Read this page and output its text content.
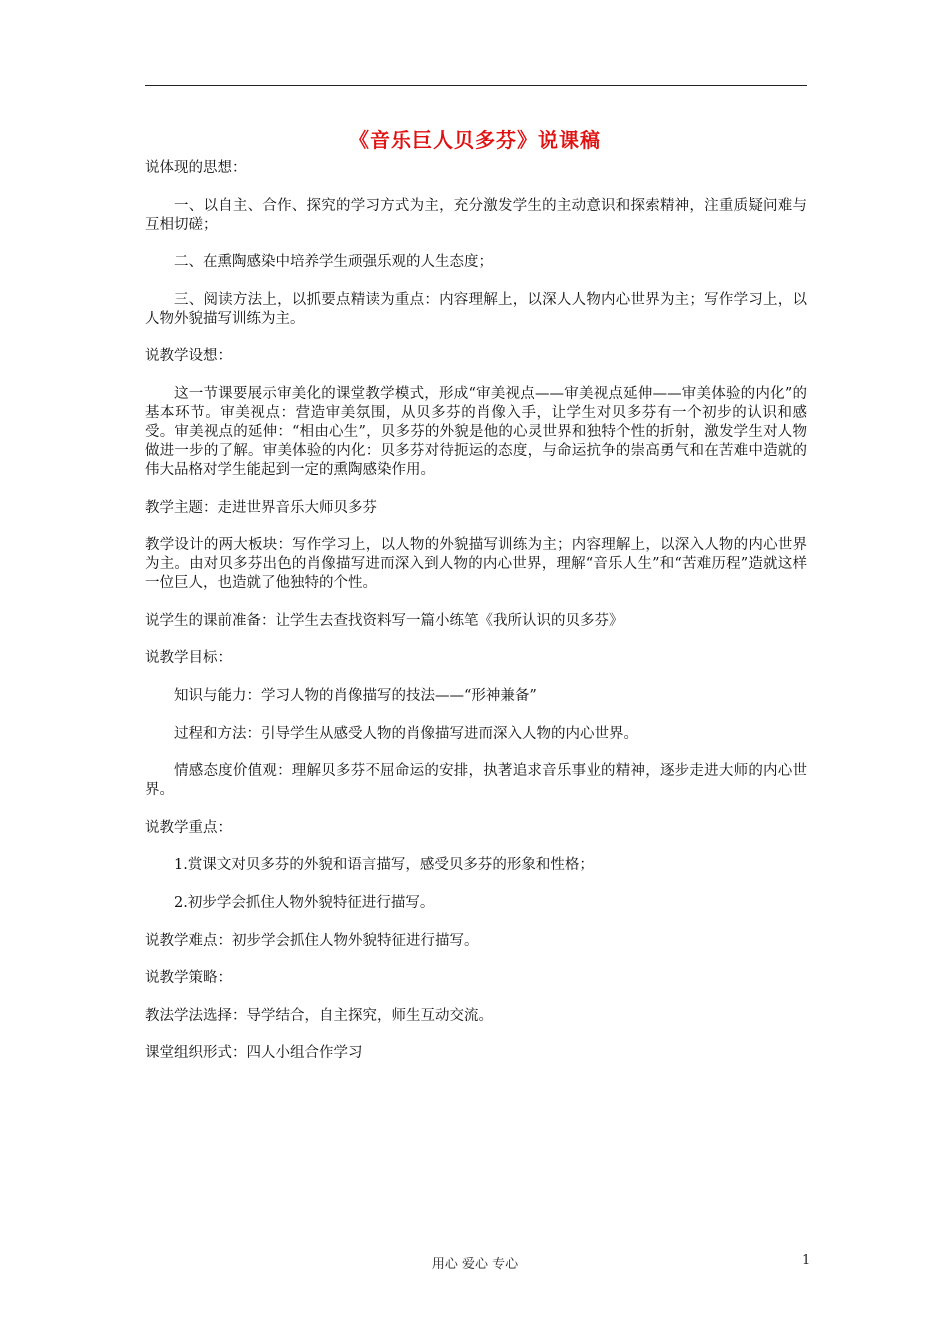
《音乐巨人贝多芬》说课稿

说体现的思想：

一、以自主、合作、探究的学习方式为主，充分激发学生的主动意识和探索精神，注重质疑问难与互相切磋；

二、在熏陶感染中培养学生顽强乐观的人生态度；

三、阅读方法上，以抓要点精读为重点：内容理解上，以深人人物内心世界为主；写作学习上，以人物外貌描写训练为主。

说教学设想：

这一节课要展示审美化的课堂教学模式，形成“审美视点——审美视点延伸——审美体验的内化”的基本环节。审美视点：营造审美氛围，从贝多芬的肖像入手，让学生对贝多芬有一个初步的认识和感受。审美视点的延伸：“相由心生”，贝多芬的外貌是他的心灵世界和独特个性的折射，激发学生对人物做进一步的了解。审美体验的内化：贝多芬对待扼运的态度，与命运抗争的崇高勇气和在苦难中造就的伟大品格对学生能起到一定的熏陶感染作用。

教学主题：走进世界音乐大师贝多芬

教学设计的两大板块：写作学习上，以人物的外貌描写训练为主；内容理解上，以深入人物的内心世界为主。由对贝多芬出色的肖像描写进而深入到人物的内心世界，理解“音乐人生”和“苦难历程”造就这样一位巨人，也造就了他独特的个性。

说学生的课前准备：让学生去查找资料写一篇小练笔《我所认识的贝多芬》

说教学目标：

知识与能力：学习人物的肖像描写的技法——“形神兼备”

过程和方法：引导学生从感受人物的肖像描写进而深入人物的内心世界。

情感态度价值观：理解贝多芬不屈命运的安排，执著追求音乐事业的精神，逐步走进大师的内心世界。

说教学重点：

1.赏课文对贝多芬的外貌和语言描写，感受贝多芬的形象和性格；

2.初步学会抓住人物外貌特征进行描写。

说教学难点：初步学会抓住人物外貌特征进行描写。

说教学策略：

教法学法选择：导学结合，自主探究，师生互动交流。

课堂组织形式：四人小组合作学习

用心 爱心 专心	1
